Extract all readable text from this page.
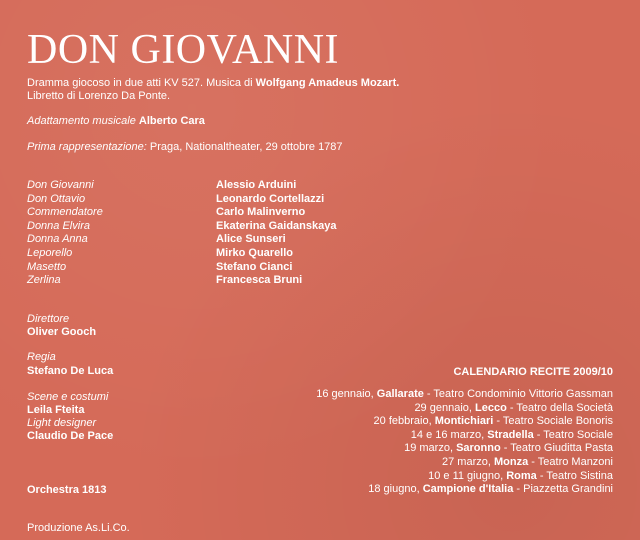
DON GIOVANNI
Dramma giocoso in due atti KV 527. Musica di Wolfgang Amadeus Mozart.
Libretto di Lorenzo Da Ponte.
Adattamento musicale Alberto Cara
Prima rappresentazione: Praga, Nationaltheater, 29 ottobre 1787
Don Giovanni	Alessio Arduini
Don Ottavio	Leonardo Cortellazzi
Commendatore	Carlo Malinverno
Donna Elvira	Ekaterina Gaidanskaya
Donna Anna	Alice Sunseri
Leporello	Mirko Quarello
Masetto	Stefano Cianci
Zerlina	Francesca Bruni
Direttore
Oliver Gooch
Regia
Stefano De Luca
Scene e costumi
Leila Fteita
Light designer
Claudio De Pace
Orchestra 1813
Produzione As.Li.Co.
CALENDARIO RECITE 2009/10
16 gennaio, Gallarate - Teatro Condominio Vittorio Gassman
29 gennaio, Lecco - Teatro della Società
20 febbraio, Montichiari - Teatro Sociale Bonoris
14 e 16 marzo, Stradella - Teatro Sociale
19 marzo, Saronno - Teatro Giuditta Pasta
27 marzo, Monza - Teatro Manzoni
10 e 11 giugno, Roma - Teatro Sistina
18 giugno, Campione d'Italia - Piazzetta Grandini
